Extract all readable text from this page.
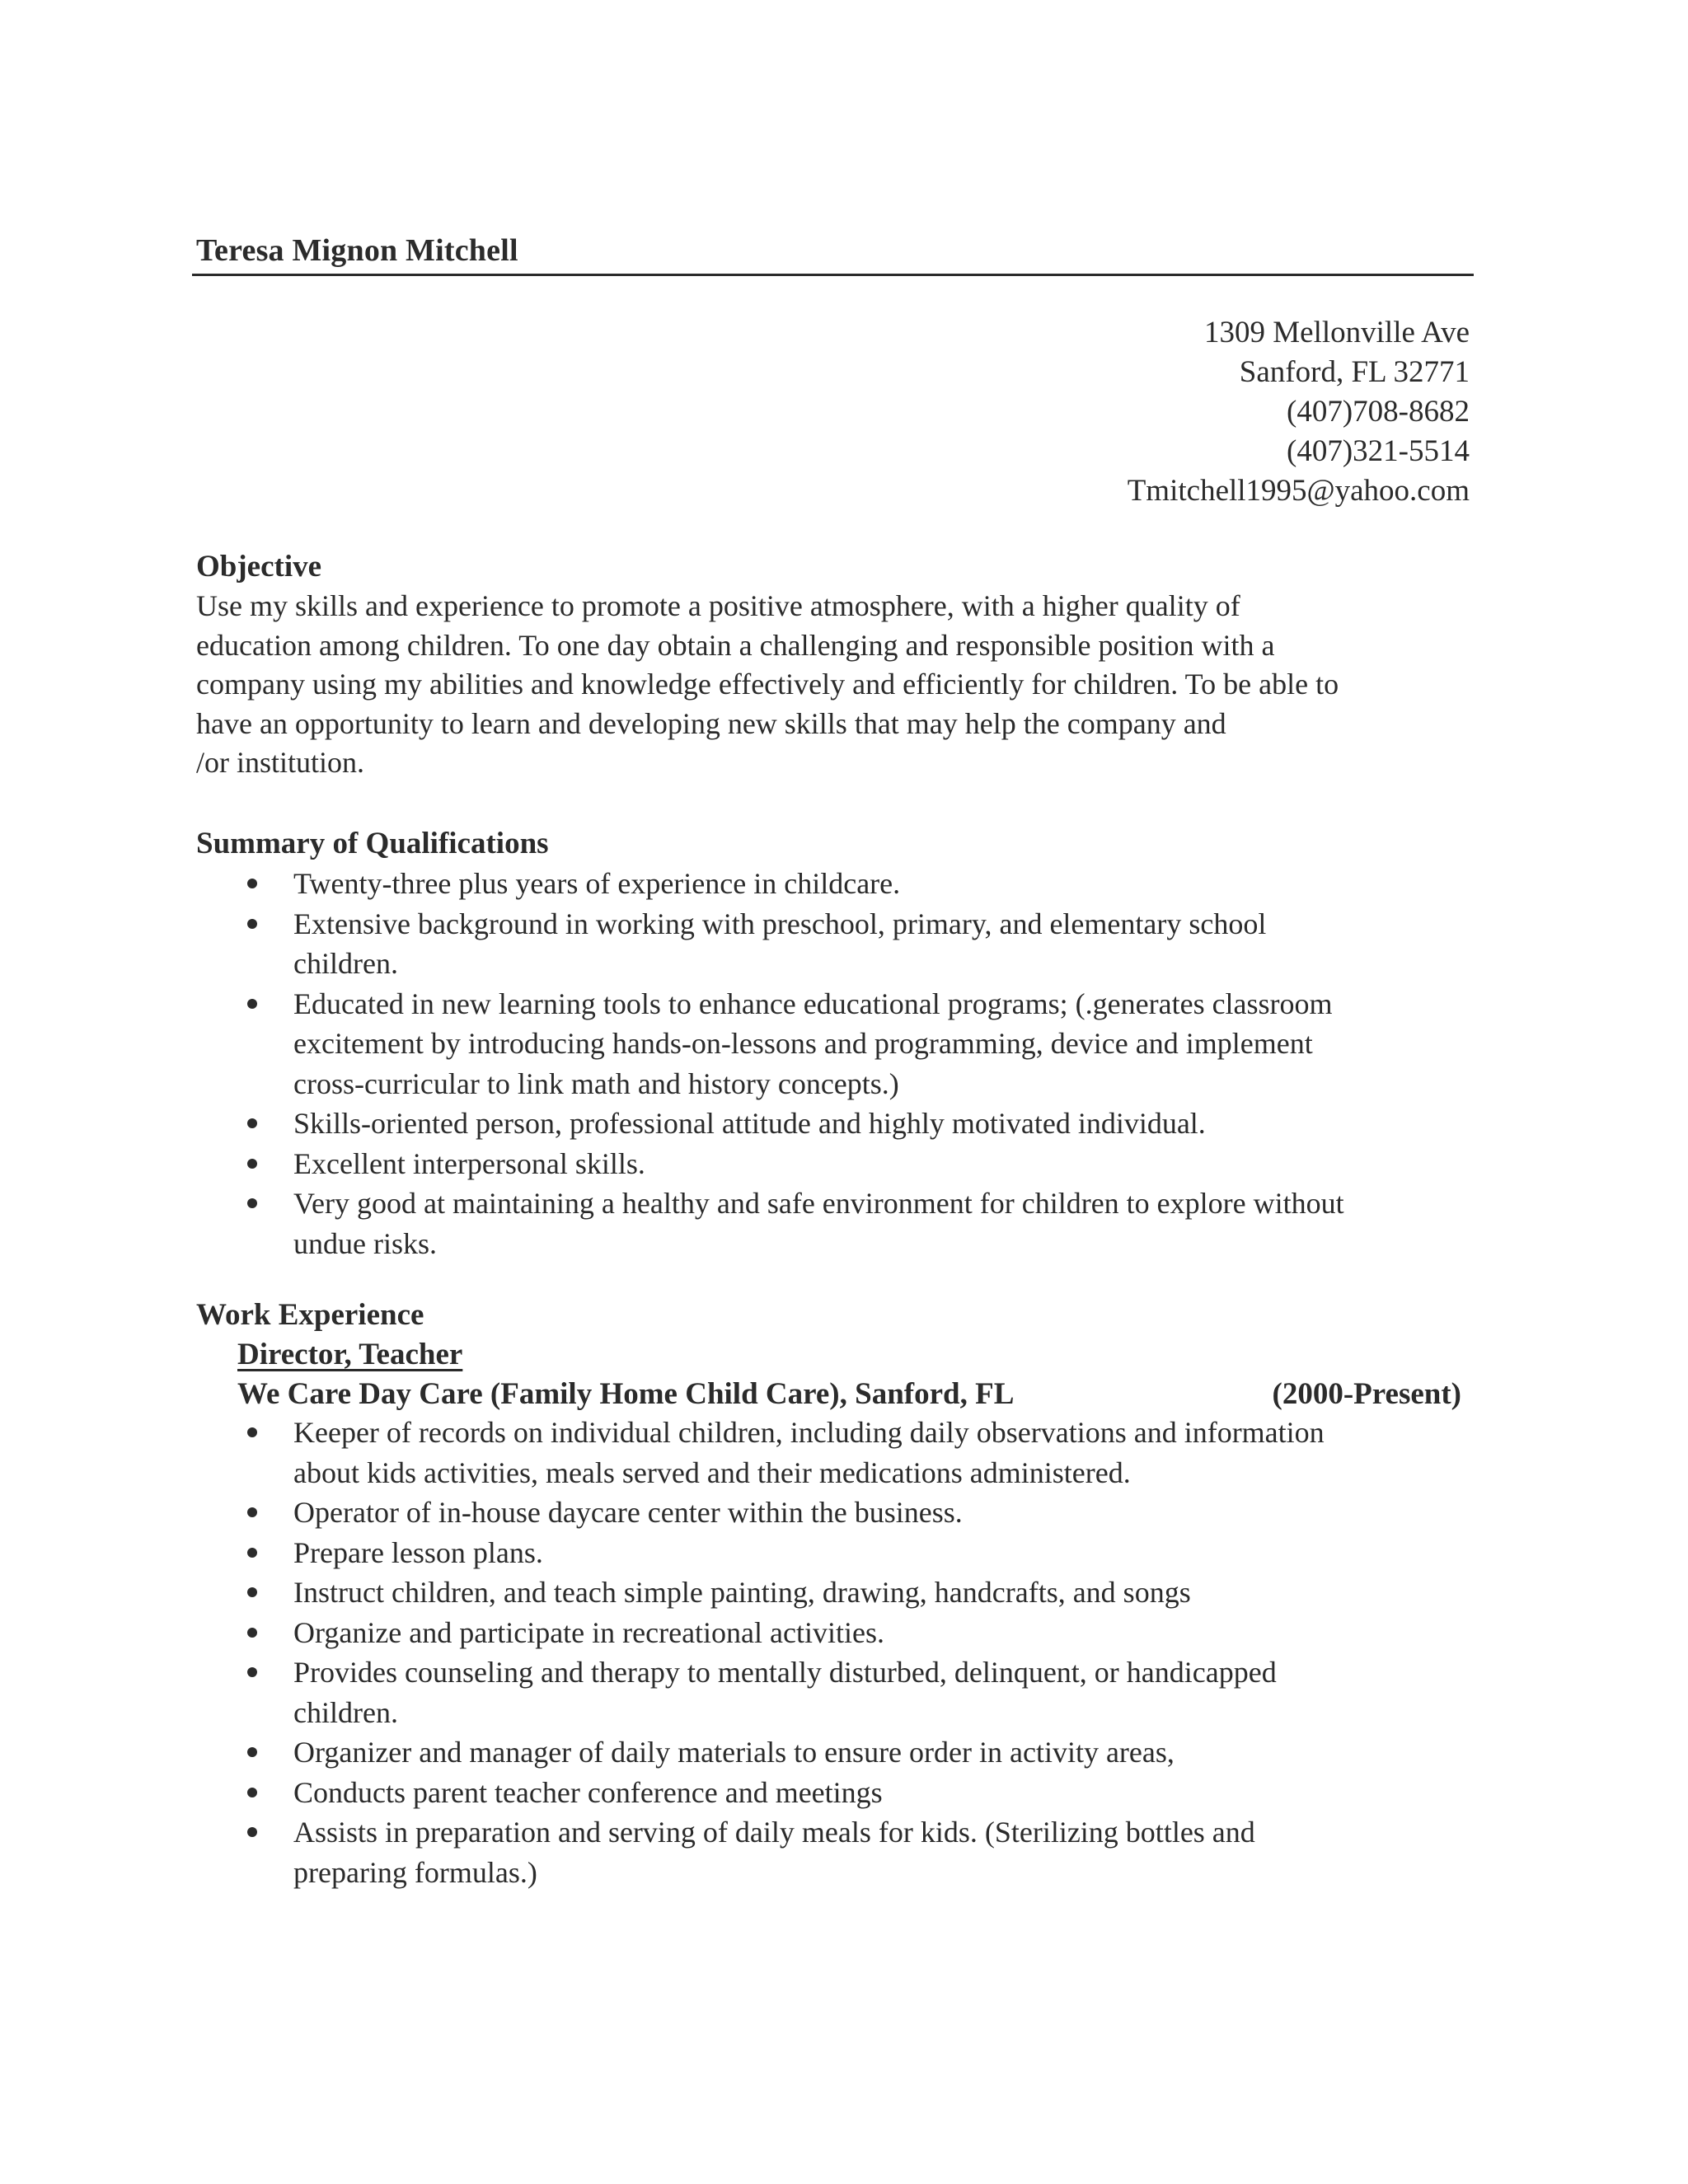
Teresa Mignon Mitchell
1309 Mellonville Ave
Sanford, FL 32771
(407)708-8682
(407)321-5514
Tmitchell1995@yahoo.com
Objective
Use my skills and experience to promote a positive atmosphere, with a higher quality of
education among children. To one day obtain a challenging and responsible position with a
company using my abilities and knowledge effectively and efficiently for children. To be able to
have an opportunity to learn and developing new skills that may help the company and
/or institution.
Summary of Qualifications
Twenty-three plus years of experience in childcare.
Extensive background in working with preschool, primary, and elementary school
children.
Educated in new learning tools to enhance educational programs; (.generates classroom
excitement by introducing hands-on-lessons and programming, device and implement
cross-curricular to link math and history concepts.)
Skills-oriented person, professional attitude and highly motivated individual.
Excellent interpersonal skills.
Very good at maintaining a healthy and safe environment for children to explore without
undue risks.
Work Experience
Director, Teacher
We Care Day Care (Family Home Child Care), Sanford, FL	(2000-Present)
Keeper of records on individual children, including daily observations and information
about kids activities, meals served and their medications administered.
Operator of in-house daycare center within the business.
Prepare lesson plans.
Instruct children, and teach simple painting, drawing, handcrafts, and songs
Organize and participate in recreational activities.
Provides counseling and therapy to mentally disturbed, delinquent, or handicapped
children.
Organizer and manager of daily materials to ensure order in activity areas,
Conducts parent teacher conference and meetings
Assists in preparation and serving of daily meals for kids. (Sterilizing bottles and
preparing formulas.)
